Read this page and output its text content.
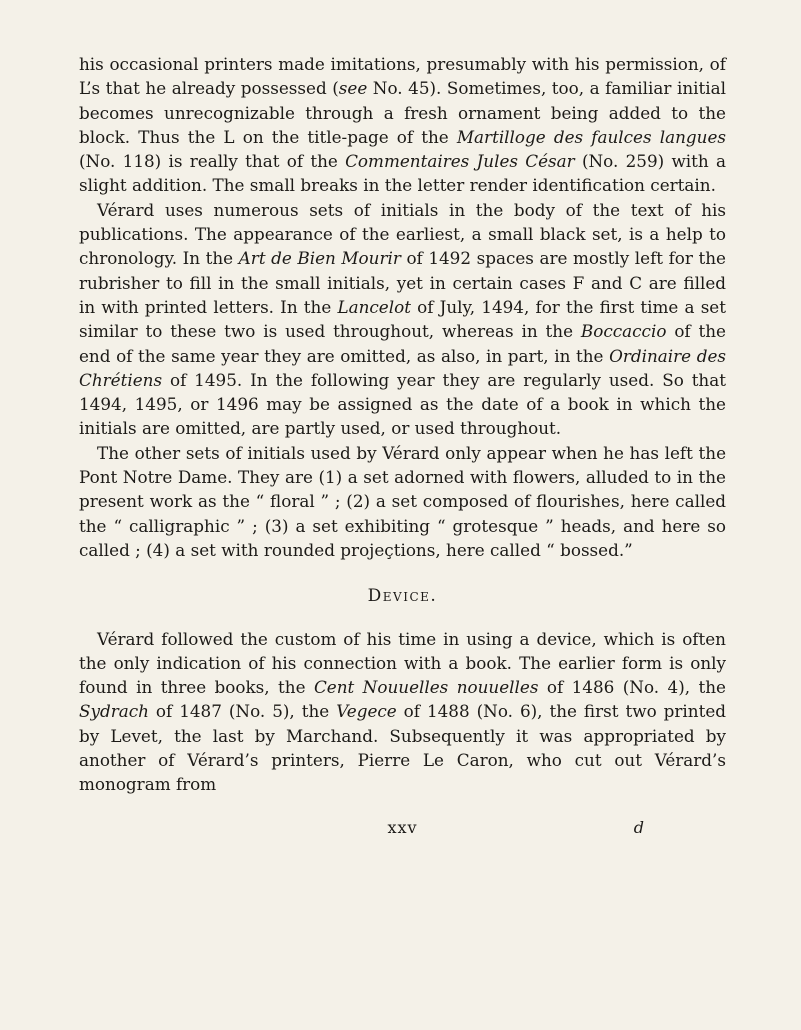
his occasional printers made imitations, presumably with his permission, of L’s that he already possessed (see No. 45). Sometimes, too, a familiar initial becomes unrecognizable through a fresh ornament being added to the block. Thus the L on the title-page of the Martilloge des faulces langues (No. 118) is really that of the Commentaires Jules César (No. 259) with a slight addition. The small breaks in the letter render identification certain.

Vérard uses numerous sets of initials in the body of the text of his publications. The appearance of the earliest, a small black set, is a help to chronology. In the Art de Bien Mourir of 1492 spaces are mostly left for the rubrisher to fill in the small initials, yet in certain cases F and C are filled in with printed letters. In the Lancelot of July, 1494, for the first time a set similar to these two is used throughout, whereas in the Boccaccio of the end of the same year they are omitted, as also, in part, in the Ordinaire des Chrétiens of 1495. In the following year they are regularly used. So that 1494, 1495, or 1496 may be assigned as the date of a book in which the initials are omitted, are partly used, or used throughout.

The other sets of initials used by Vérard only appear when he has left the Pont Notre Dame. They are (1) a set adorned with flowers, alluded to in the present work as the “ floral ” ; (2) a set composed of flourishes, here called the “ calligraphic ” ; (3) a set exhibiting “ grotesque ” heads, and here so called ; (4) a set with rounded projeçtions, here called “ bossed.”

Device.

Vérard followed the custom of his time in using a device, which is often the only indication of his connection with a book. The earlier form is only found in three books, the Cent Nouuelles nouuelles of 1486 (No. 4), the Sydrach of 1487 (No. 5), the Vegece of 1488 (No. 6), the first two printed by Levet, the last by Marchand. Subsequently it was appropriated by another of Vérard’s printers, Pierre Le Caron, who cut out Vérard’s monogram from

xxv	d
